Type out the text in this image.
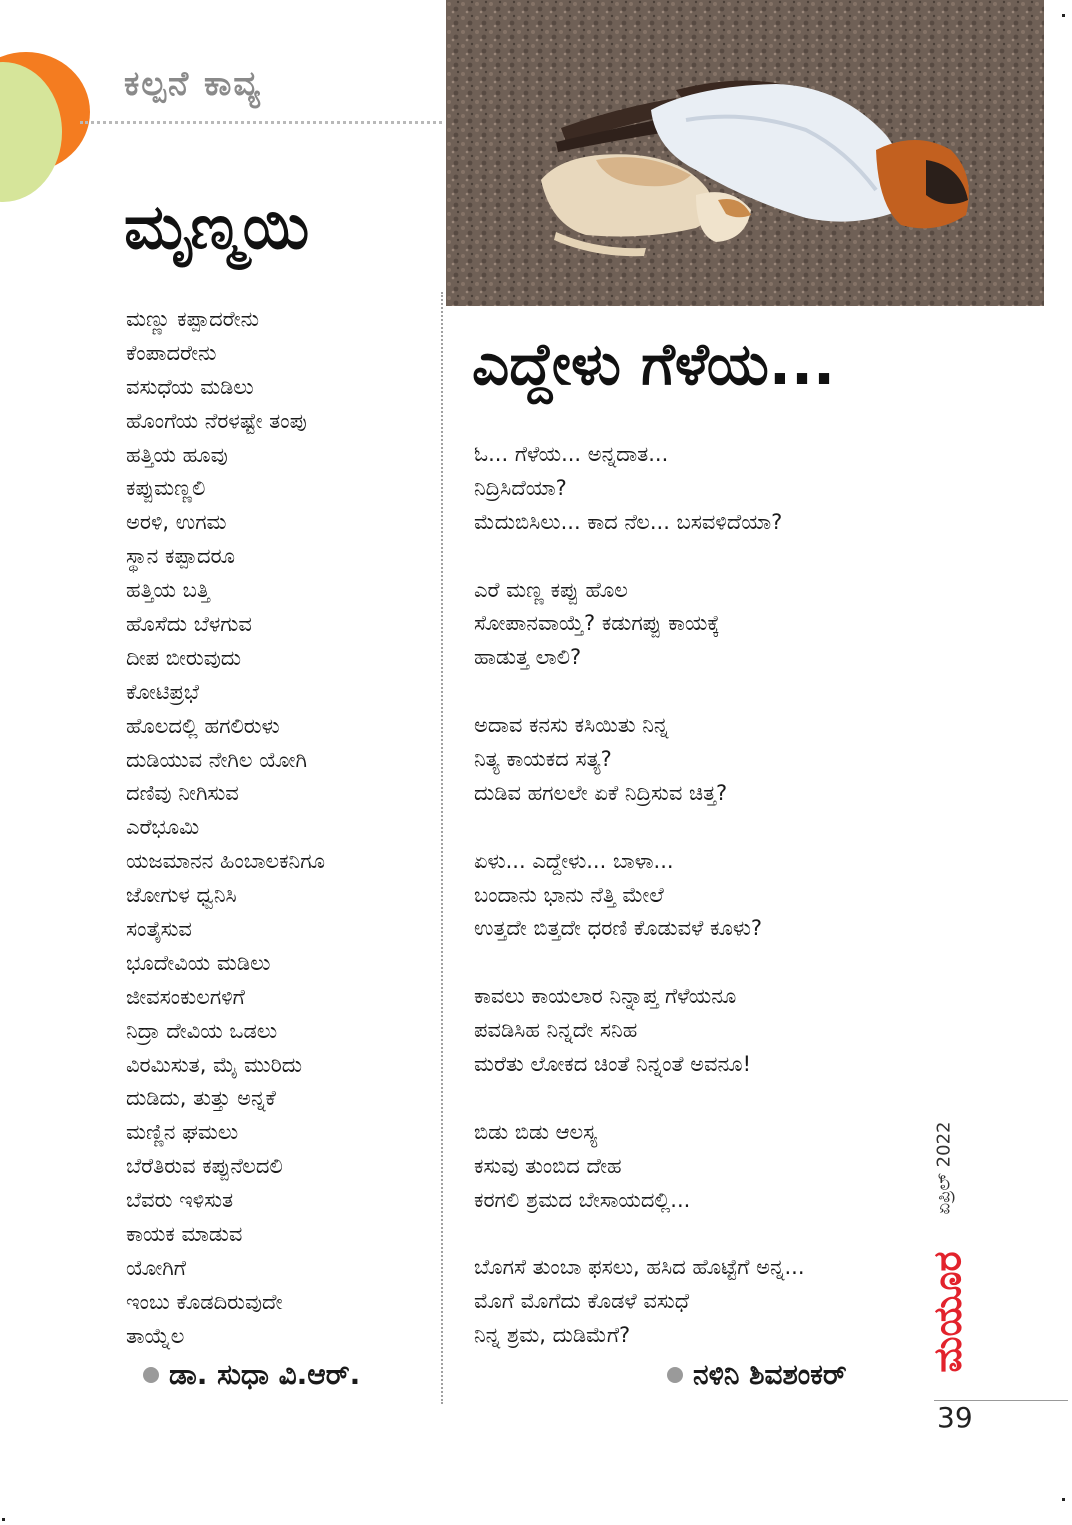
ಕಲ್ಪನೆ ಕಾವ್ಯ
ಮೃಣ್ಮಯಿ
ಮಣ್ಣು ಕಪ್ಪಾದರೇನು
ಕೆಂಪಾದರೇನು
ವಸುಧೆಯ ಮಡಿಲು
ಹೊಂಗೆಯ ನೆರಳಷ್ಟೇ ತಂಪು
ಹತ್ತಿಯ ಹೂವು
ಕಪ್ಪುಮಣ್ಣಲಿ
ಅರಳಿ, ಉಗಮ
ಸ್ಥಾನ ಕಪ್ಪಾದರೂ
ಹತ್ತಿಯ ಬತ್ತಿ
ಹೊಸೆದು ಬೆಳಗುವ
ದೀಪ ಬೀರುವುದು
ಕೋಟಿಪ್ರಭೆ
ಹೊಲದಲ್ಲಿ ಹಗಲಿರುಳು
ದುಡಿಯುವ ನೇಗಿಲ ಯೋಗಿ
ದಣಿವು ನೀಗಿಸುವ
ಎರೆಭೂಮಿ
ಯಜಮಾನನ ಹಿಂಬಾಲಕನಿಗೂ
ಜೋಗುಳ ಧ್ವನಿಸಿ
ಸಂತೈಸುವ
ಭೂದೇವಿಯ ಮಡಿಲು
ಜೀವಸಂಕುಲಗಳಿಗೆ
ನಿದ್ರಾ ದೇವಿಯ ಒಡಲು
ವಿರಮಿಸುತ, ಮೈ ಮುರಿದು
ದುಡಿದು, ತುತ್ತು ಅನ್ನಕೆ
ಮಣ್ಣಿನ ಘಮಲು
ಬೆರೆತಿರುವ ಕಪ್ಪುನೆಲದಲಿ
ಬೆವರು ಇಳಿಸುತ
ಕಾಯಕ ಮಾಡುವ
ಯೋಗಿಗೆ
ಇಂಬು ಕೊಡದಿರುವುದೇ
ತಾಯ್ನೆಲ
ಡಾ. ಸುಧಾ ವಿ.ಆರ್.
ಎದ್ದೇಳು ಗೆಳೆಯ...
ಓ... ಗೆಳೆಯ... ಅನ್ನದಾತ...
ನಿದ್ರಿಸಿದೆಯಾ?
ಮೆದುಬಿಸಿಲು... ಕಾದ ನೆಲ... ಬಸವಳಿದೆಯಾ?
ಎರೆ ಮಣ್ಣ ಕಪ್ಪು ಹೊಲ
ಸೋಪಾನವಾಯ್ತೆ? ಕಡುಗಪ್ಪು ಕಾಯಕ್ಕೆ
ಹಾಡುತ್ತ ಲಾಲಿ?
ಅದಾವ ಕನಸು ಕಸಿಯಿತು ನಿನ್ನ
ನಿತ್ಯ ಕಾಯಕದ ಸತ್ಯ?
ದುಡಿವ ಹಗಲಲೇ ಏಕೆ ನಿದ್ರಿಸುವ ಚಿತ್ತ?
ಏಳು... ಎದ್ದೇಳು... ಬಾಳಾ...
ಬಂದಾನು ಭಾನು ನೆತ್ತಿ ಮೇಲೆ
ಉತ್ತದೇ ಬಿತ್ತದೇ ಧರಣಿ ಕೊಡುವಳೆ ಕೂಳು?
ಕಾವಲು ಕಾಯಲಾರ ನಿನ್ನಾಪ್ತ ಗೆಳೆಯನೂ
ಪವಡಿಸಿಹ ನಿನ್ನದೇ ಸನಿಹ
ಮರೆತು ಲೋಕದ ಚಿಂತೆ ನಿನ್ನಂತೆ ಅವನೂ!
ಬಿಡು ಬಿಡು ಆಲಸ್ಯ
ಕಸುವು ತುಂಬಿದ ದೇಹ
ಕರಗಲಿ ಶ್ರಮದ ಬೇಸಾಯದಲ್ಲಿ...
ಬೊಗಸೆ ತುಂಬಾ ಫಸಲು, ಹಸಿದ ಹೊಟ್ಟೆಗೆ ಅನ್ನ...
ಮೊಗೆ ಮೊಗೆದು ಕೊಡಳೆ ವಸುಧೆ
ನಿನ್ನ ಶ್ರಮ, ದುಡಿಮೆಗೆ?
ನಳಿನಿ ಶಿವಶಂಕರ್
ಏಪ್ರಿಲ್ 2022
ಮಯೂರ
39
